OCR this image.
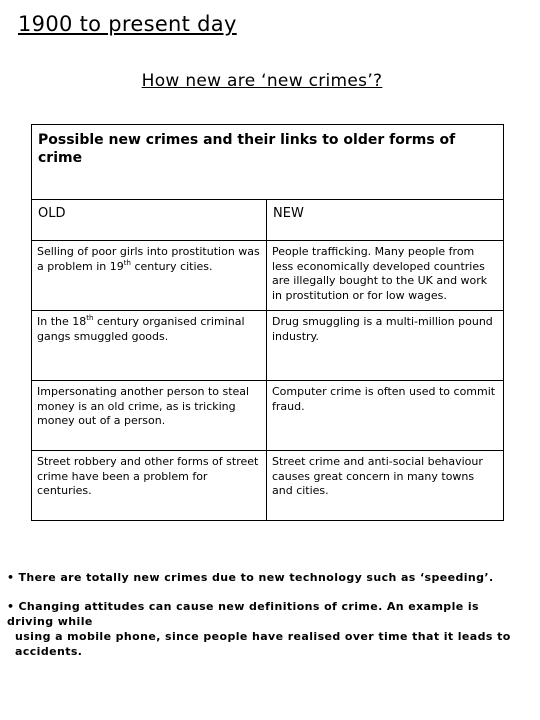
1900 to present day
How new are ‘new crimes’?
Possible new crimes and their links to older forms of crime	
OLD	NEW
Selling of poor girls into prostitution was a problem in 19th century cities.	People trafficking. Many people from less economically developed countries are illegally bought to the UK and work in prostitution or for low wages.
In the 18th century organised criminal gangs smuggled goods.	Drug smuggling is a multi-million pound industry.
Impersonating another person to steal money is an old crime, as is tricking money out of a person.	Computer crime is often used to commit fraud.
Street robbery and other forms of street crime have been a problem for centuries.	Street crime and anti-social behaviour causes great concern in many towns and cities.
• There are totally new crimes due to new technology such as ‘speeding’.
• Changing attitudes can cause new definitions of crime. An example is driving while
using a mobile phone, since people have realised over time that it leads to accidents.
